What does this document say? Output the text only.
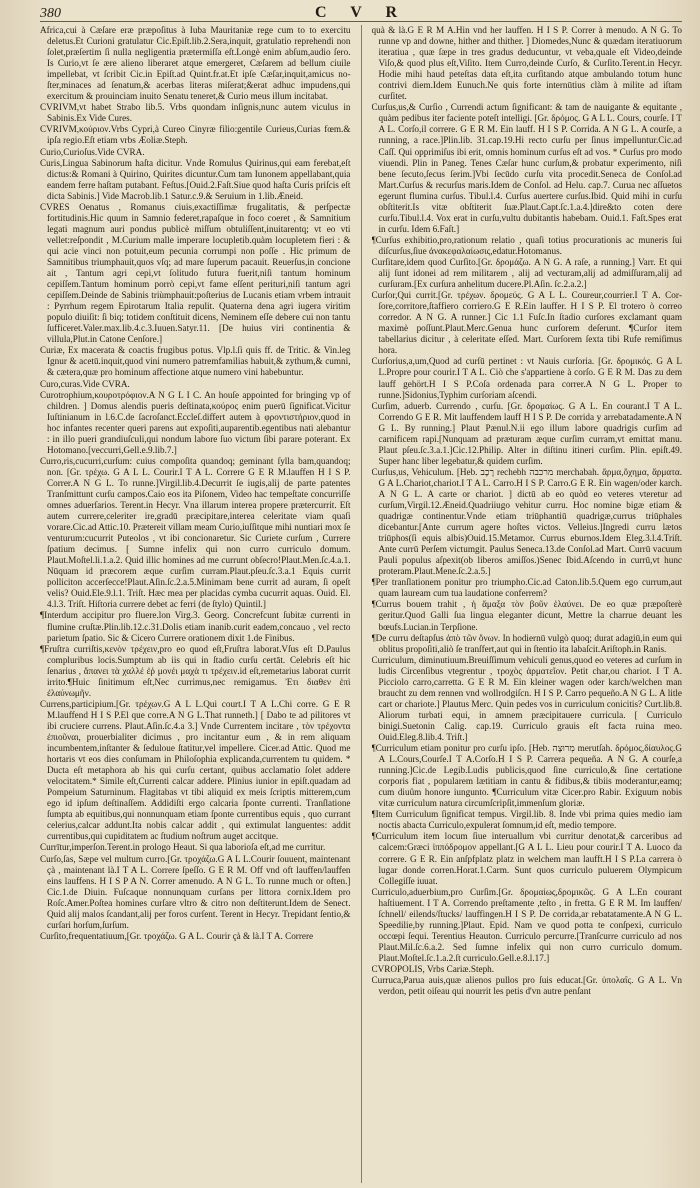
380	C V R

Africa,cui à Cæſare eræ præpoſitus à Iuba Mauritaniæ rege cum to to exercitu deletus.Et Curioni gratulatur Cic.Epiſt.lib.2.Sera,inquit, gratulatio reprehendi non ſolet,præſertim ſi nulla negligentia prætermiſſa eſt.Longè enim abſum,audio ſero. Is Curio,vt ſe ære alieno liberaret atque emergeret, Cæſarem ad bellum ciuile impellebat, vt ſcribit Cic.in Epiſt.ad Quint.fr.at.Et ipſe Cæſar,inquit,amicus noſter,minaces ad ſenatum,& acerbas literas miſerat;&erat adhuc impudens,qui exercitum & prouinciam inuito Senatu teneret,& Curio meus illum incitabat.

CVRIVM,vt habet Strabo lib.5. Vrbs quondam inſignis,nunc autem viculus in Sabinis.Ex Vide Cures.

CVRIVM,κούριον.Vrbs Cypri,à Cureo Cinyræ filio:gentile Curieus,Curias fœm.& ipſa regio.Eſt etiam vrbs Æoliæ.Steph.

Curio,Curioſus.Vide CVRA.

Curis,Lingua Sabinorum haſta dicitur. Vnde Romulus Quirinus,qui eam ferebat,eſt dictus:& Romani à Quirino, Quirites dicuntur.Cum tam Iunonem appellabant,quia eandem ferre haſtam putabant. Feſtus.[Ouid.2.Faſt.Siue quod haſta Curis priſcis eſt dicta Sabinis.] Vide Macrob.lib.1 Satur.c.9.& Seruium in 1.lib.Æneid.

CVRES Oenatus , Romanus ciuis,exactiſſimæ frugalitatis, & perſpectæ fortitudinis.Hic quum in Samnio federet,rapaſque in foco coeret , & Samnitium legati magnum auri pondus publicè miſſum obtuliſſent,inuitarentq; vt eo vti vellet:reſpondit , M.Curium malle imperare locupletib.quàm locupletem fieri : & qui acie vinci non potuit,eum pecunia corrumpi non poſſe . Hic primum de Samnitibus triumphauit,quos vſq; ad mare ſuperum pacauit. Reuerſus,in concione ait , Tantum agri cepi,vt ſolitudo futura fuerit,niſi tantum hominum cepiſſem.Tantum hominum porrò cepi,vt fame eſſent perituri,niſi tantum agri cepiſſem.Deinde de Sabinis triùmphauit:poſterius de Lucanis etiam vrbem intrauit : Pyrrhum regem Epirotarum Italia repulit. Quaterna dena agri iugera viritim populo diuiſit: ſi biq; totidem conſtituit dicens, Neminem eſſe debere cui non tantu ſufficeret.Valer.max.lib.4.c.3.Iuuen.Satyr.11. [De huius viri continentia & villula,Plut.in Catone Cenſore.]

Curiæ, Ex macerata & coactis frugibus potus. Vlp.l.ſi quis ff. de Tritic. & Vin.leg Ignur & acetū.inquit,quod vini numero patremfamilias habuit,& zythum,& cumni, & cætera,quæ pro hominum affectione atque numero vini habebuntur.

Curo,curas.Vide CVRA.

Curotrophium,κουροτρόφιον.A N G L I C. An houſe appointed for bringing vp of children. ] Domus alendis pueris deſtinata,κούρος enim puerū ſignificat.Vicitur Iuſtinianum in l.6.C.de ſacroſanct.Eccleſ.differt autem à φροντιστήριον,quod in hoc infantes recenter queri parens aut expoſiti,auparentib.egentibus nati alebantur : in illo pueri grandiuſculi,qui nondum labore ſuo victum ſibi parare poterant. Ex Hotomano.[veccurri,Gell.e.9.lib.7.]

Curro,ris,cucurri,curſum: cuius compoſita quandoq; geminant ſylla bam,quandoq; non. [Gr. τρέχω. G A L L. Courir.I T A L. Correre G E R M.lauffen H I S P. Correr.A N G L. To runne.]Virgil.lib.4.Decurrit ſe iugis,alij de parte patentes Tranſmittunt curſu campos.Caio eos ita Piſonem, Video hac tempeſtate concurriſſe omnes aduerſarios. Terent.in Hecyr. Vna illarum interea propere prætercurrit. Eſt autem currere,celeriter ire,gradū præcipitare,interea celeritate viam quaſi vorare.Cic.ad Attic.10. Prætereit villam meam Curio,iuſſitque mihi nuntiari mox ſe venturum:cucurrit Puteolos , vt ibi concionaretur. Sic Curiete curſum , Currere ſpatium decimus. [ Sumne infelix qui non curro curriculo domum. Plaut.Moſtel.li.1.a.2. Quid illic homines ad me currunt obſecro!Plaut.Men.ſc.4.a.1. Nūquam id præcorem æque curſim curram.Plaut.pſeu.ſc.3.a.1 Equis currit polliciton accerſecce!Plaut.Aſin.ſc.2.a.5.Minimam bene currit ad auram, ſi opeſt velis? Ouid.Ele.9.l.1. Triſt. Hæc mea per placidas cymba cucurrit aquas. Ouid. El. 4.l.3. Triſt. Hiſtoria currere debet ac ferri (de ſtylo) Quintil.]

¶Interdum accipitur pro fluere.lon Virg.3. Georg. Concrefcunt ſubitæ currenti in flumine cruſtæ.Plin.lib.12.c.31.Dolis etiam inanib.curit eadem,concauo , vel recto parietum ſpatio. Sic & Cicero Currere orationem dixit 1.de Finibus.

¶Fruſtra curriſtis,κενὸν τρέχειν,pro eo quod eſt,Fruſtra laborat.Vſus eſt D.Paulus compluribus locis.Sumptum ab iis qui in ſtadio curſu certāt. Celebris eſt hic ſenarius , ἄπανει τὰ χαλλέ ἐῤ μονέι μαχὰ τι τρέχειν.id eſt,remetarius laborat currit irrito.¶Huic ſinitimum eſt,Nec currimus,nec remigamus. Ἐτι διαθεν ἐπὶ ἐλαύνωμῆν.

Currens,participium.[Gr. τρέχων.G A L L.Qui court.I T A L.Chi corre. G E R M.lauffend H I S P.El que corre.A N G L.That runneth.] [ Dabo te ad pilitores vt ibi cruciere currens. Plaut.Aſin.ſc.4.a 3.] Vnde Currentem incitare , τὸν τρέχοντα ἐπιοῦναι, prouerbialiter dicimus , pro incitantur eum , & in rem aliquam incumbentem,inſtanter & ſeduloue ſtatitur,vel impellere. Cicer.ad Attic. Quod me hortaris vt eos dies conſumam in Philoſophia explicanda,currentem tu quidem. * Ducta eſt metaphora ab his qui curſu certant, quibus acclamatio ſolet addere velocitatem.* Simile eſt,Currenti calcar addere. Plinius iunior in epiſt.quadam ad Pompeium Saturninum. Flagitabas vt tibi aliquid ex meis ſcriptis mitterem,cum ego id ipſum deſtinaſſem. Addidiſti ergo calcaria ſponte currenti. Tranſlatione ſumpta ab equitibus,qui nonnunquam etiam ſponte currentibus equis , quo currant celerius,calcar addunt.Ita nobis calcar addit , qui extimulat languentes: addit currentibus,qui cupiditatem ac ſtudium noſtrum auget accitque.

Currītur,imperſon.Terent.in prologo Heaut. Si qua laborioſa eſt,ad me curritur.

Curſo,ſas, Sæpe vel multum curro.[Gr. τροχάζω.G A L L.Courir ſouuent, maintenant çà , maintenant là.I T A L. Correre ſpeſſo. G E R M. Off vnd oft lauffen/lauffen eins lauffens. H I S P A N. Correr amenudo. A N G L. To runne much or often.] Cic.1.de Diuin. Fuſcaque nonnunquam curſans per littora cornix.Idem pro Roſc.Amer.Poſtea homines curſare vltro & citro non deſtiterunt.Idem de Senect. Quid alij malos ſcandant,alij per foros curſent. Terent in Hecyr. Trepidant ſentio,& curſari horſum,ſurſum.

Curſito,frequentatiuum,[Gr. τροχάζω. G A L. Courir çà & là.I T A. Correre

quà & là.G E R M A.Hin vnd her lauffen. H I S P. Correr à menudo. A N G. To runne vp and downe, hither and thither. ] Diomedes,Nunc & quædam iteratiuorum iteratiua , quæ ſæpe in tres gradus deducuntur, vt veba,quale eſt Video,deinde Viſo,& quod plus eſt,Viſito. Item Curro,deinde Curſo, & Curſito.Terent.in Hecyr. Hodie mihi haud peteſtas data eſt,ita curſitando atque ambulando totum hunc contrivi diem.Idem Eunuch.Ne quis forte internūtius clàm à milite ad iſtam curſitet.

Curſus,us,& Curſio , Currendi actum ſignificant: & tam de nauigante & equitante , quàm pedibus iter faciente poteſt intelligi. [Gr. δρόμος. G A L L. Cours, courſe. I T A L. Corſo,il correre. G E R M. Ein lauff. H I S P. Corrida. A N G L. A courſe, a running, a race.]Plin.lib. 31.cap.19.Hi recto curſu per ſinus impelluntur.Cic.ad Caſſ. Qui opprimiſus ibi erit, omnis hominum curſus eſt ad vos. * Curſus pro modo viuendi. Plin in Paneg. Tenes Cæſar hunc curſum,& probatur experimento, niſi bene ſecuto,ſecus ſerim.]Vbi ſecūdo curſu vita procedit.Seneca de Conſol.ad Mart.Curſus & recurſus maris.Idem de Conſol. ad Helu. cap.7. Curua nec aſſuetos egerunt flumina curſus. Tibul.l.4. Curſus auertere curſus.Ibid. Quid mihi in curſu obſtiterit.Is vitæ obſtiterit ſuæ.Plaut.Capt.ſc.1.a.4.]dire&to coten dere curſu.Tibul.l.4. Vox erat in curſu,vultu dubitantis habebam. Ouid.1. Faſt.Spes erat in curſu. Idem 6.Faſt.]

¶Curſus exhibitio,pro,rationum relatio , quaſi totius procurationis ac muneris ſui diſcurſus,ſiue ἀνακεφαλαίωσις,edatur.Hotomanus.

Curſitare,idem quod Curſito.[Gr. δρομάζω. A N G. A raſe, a running.] Varr. Et qui alij ſunt idonei ad rem militarem , alij ad vecturam,alij ad admiſſuram,alij ad curſuram.[Ex curſura anhelitum ducere.Pl.Aſin. ſc.2.a.2.]

Curſor,Qui currit.[Gr. τρέχων. δρομεύς. G A L L. Coureur,courrier.I T A. Corſore,corritore,ſtaffiero corriero.G E R.Ein lauffer. H I S P. El trotero ò correo corredor. A N G. A runner.] Cic 1.1 Fuſc.In ſtadio curſores exclamant quam maximè poſſunt.Plaut.Merc.Genua hunc curſorem deſerunt. ¶Curſor item tabellarius dicitur , à celeritate eſſed. Mart. Curſorem ſexta tibi Rufe remiſimus hora.

Curſorius,a,um,Quod ad curſū pertinet : vt Nauis curſoria. [Gr. δρομικός. G A L L.Propre pour courir.I T A L. Ciò che s'appartiene à corſo. G E R M. Das zu dem lauff gehört.H I S P.Coſa ordenada para correr.A N G L. Proper to runne.]Sidonius,Typhim curſoriam aſcendi.

Curſim, aduerb. Currendo , curſu. [Gr. δρομαίως. G A L. En courant.I T A L. Correndo G E R. Mit lauffendem lauff H I S P. De corrida y arrebatadamente.A N G L. By running.] Plaut Pænul.N.ii ego illum labore quadrigis curſim ad carnificem rapi.[Nunquam ad præturam æque curſim curram,vt emittat manu. Plaut pſeu.ſc.3.a.1.]Cic.12.Philip. Alter in diſtinu itineri curſim. Plin. epiſt.49. Super hanc liber legebatur,& quidem curſim.

Curſus,us, Vehiculum. [Heb. רֶכֶב rechebh מרכבה merchabah. ἄρμα,ὄχημα, ἅρματα. G A L.Chariot,chariot.I T A L. Carro.H I S P. Carro.G E R. Ein wagen/oder karch. A N G L. A carte or chariot. ] dictū ab eo quòd eo veteres vteretur ad curſum,Virgil.12.Æneid.Quadriiugo vehitur curru. Hoc nomine bigæ etiam & quadrigæ continentur.Vnde etiam triūphantiū quadrigæ,currus triūphales dicebantur.[Ante currum agere hoſtes victos. Velleius.]Ingredi curru lætos triūphos(ſi equis albis)Ouid.15.Metamor. Currus eburnos.Idem Eleg.3.l.4.Triſt. Ante currū Perſem victumgit. Paulus Seneca.13.de Conſol.ad Mart. Currū vacuum Pauli populus aſpexit(ob liberos amiſſos.)Senec Ibid.Aſcendo in currū,vt hunc proteram.Plaut.Mene.ſc.2.a.5.]

¶Per tranſlationem ponitur pro triumpho.Cic.ad Caton.lib.5.Quem ego currum,aut quam lauream cum tua laudatione conferrem?

¶Currus bouem trahit , ἡ ἅμαξα τὸν βοῦν ἑλαύνει. De eo quæ præpoſterè geritur.Quod Galli ſua lingua eleganter dicunt, Mettre la charrue deuant les bœufs.Lucian.in Terpſione.

¶De curru deſtapſus ἀπὸ τῶν ὄνων. In hodiernū vulgò quoq; durat adagiū,in eum qui oblitus propoſiti,aliò ſe tranſfert,aut qui in ſtentio ita labaſcit.Ariſtoph.in Ranis.

Curriculum, diminutiuum.Breuiſſimum vehiculi genus,quod eo veteres ad curſum in ludis Circenſibus vtegrentur , τροχὸς ἁρματεῖον. Petit char,ou chariot. I T A. Picciolo carro,carretta. G E R M. Ein kleiner wagen oder karch/welchen man braucht zu dem rennen vnd wollrodgiſcn. H I S P. Carro pequeño.A N G L. A litle cart or chariote.] Plautus Merc. Quin pedes vos in curriculum conicitis? Curt.lib.8. Aliorum turbati equi, in amnem præcipitauere curricula. [ Curriculo binigi.Suetonin Calig. cap.19. Curriculo grauis eſt facta ruina meo. Ouid.Eleg.8.lib.4. Triſt.]

¶Curriculum etiam ponitur pro curſu ipſo. [Heb. מְרוּצָה merutſah. δρόμος,δίαυλος.G A L.Cours,Courſe.I T A.Corſo.H I S P. Carrera pequeña. A N G. A courſe,a running.]Cic.de Legib.Ludis publicis,quod ſine curriculo,& ſine certatione corporis fiat , popularem lætitiam in cantu & fidibus,& tibiis moderantur,eamq; cum diuûm honore iungunto. ¶Curriculum vitæ Cicer.pro Rabir. Exiguum nobis vitæ curriculum natura circumſcripſit,immenſum gloriæ.

¶Item Curriculum ſignificat tempus. Virgil.lib. 8. Inde vbi prima quies medio iam noctis abacta Curriculo,expulerat ſomnum,id eſt, medio tempore.

¶Curriculum item locum ſiue interuallum vbi curritur denotat,& carceribus ad calcem:Græci ἱππόδρομον appellant.[G A L L. Lieu pour courir.I T A. Luoco da correre. G E R. Ein anſpfplatz platz in welchem man laufft.H I S P.La carrera ò lugar donde corren.Horat.1.Carm. Sunt quos curriculo puluerem Olympicum Collegiſſe iuuat.

Curriculo,aduerbium,pro Curſim.[Gr. δρομαίως,δρομικῶς. G A L.En courant haſtiuement. I T A. Correndo preſtamente ,teſto , in fretta. G E R M. Im lauffen/ſchnell/ eilends/ſtucks/ lauffingen.H I S P. De corrida,ar rebatatamente.A N G L. Speedilie,by running.]Plaut. Epid. Nam ve quod potta te conſpexi, curriculo occœpi ſequi. Terentius Heauton. Curriculo percurre.[Tranſcurre curriculo ad nos Plaut.Mil.ſc.6.a.2. Sed ſumne infelix qui non curro curriculo domum. Plaut.Moſtel.ſc.1.a.2.ſt curriculo.Gell.e.8.l.17.]

CVROPOLIS, Vrbs Cariæ.Steph.

Curruca,Parua auis,quæ alienos pullos pro ſuis educat.[Gr. ὑπολαΐς. G A L. Vn verdon, petit oiſeau qui nourrit les petis d'vn autre penſant
